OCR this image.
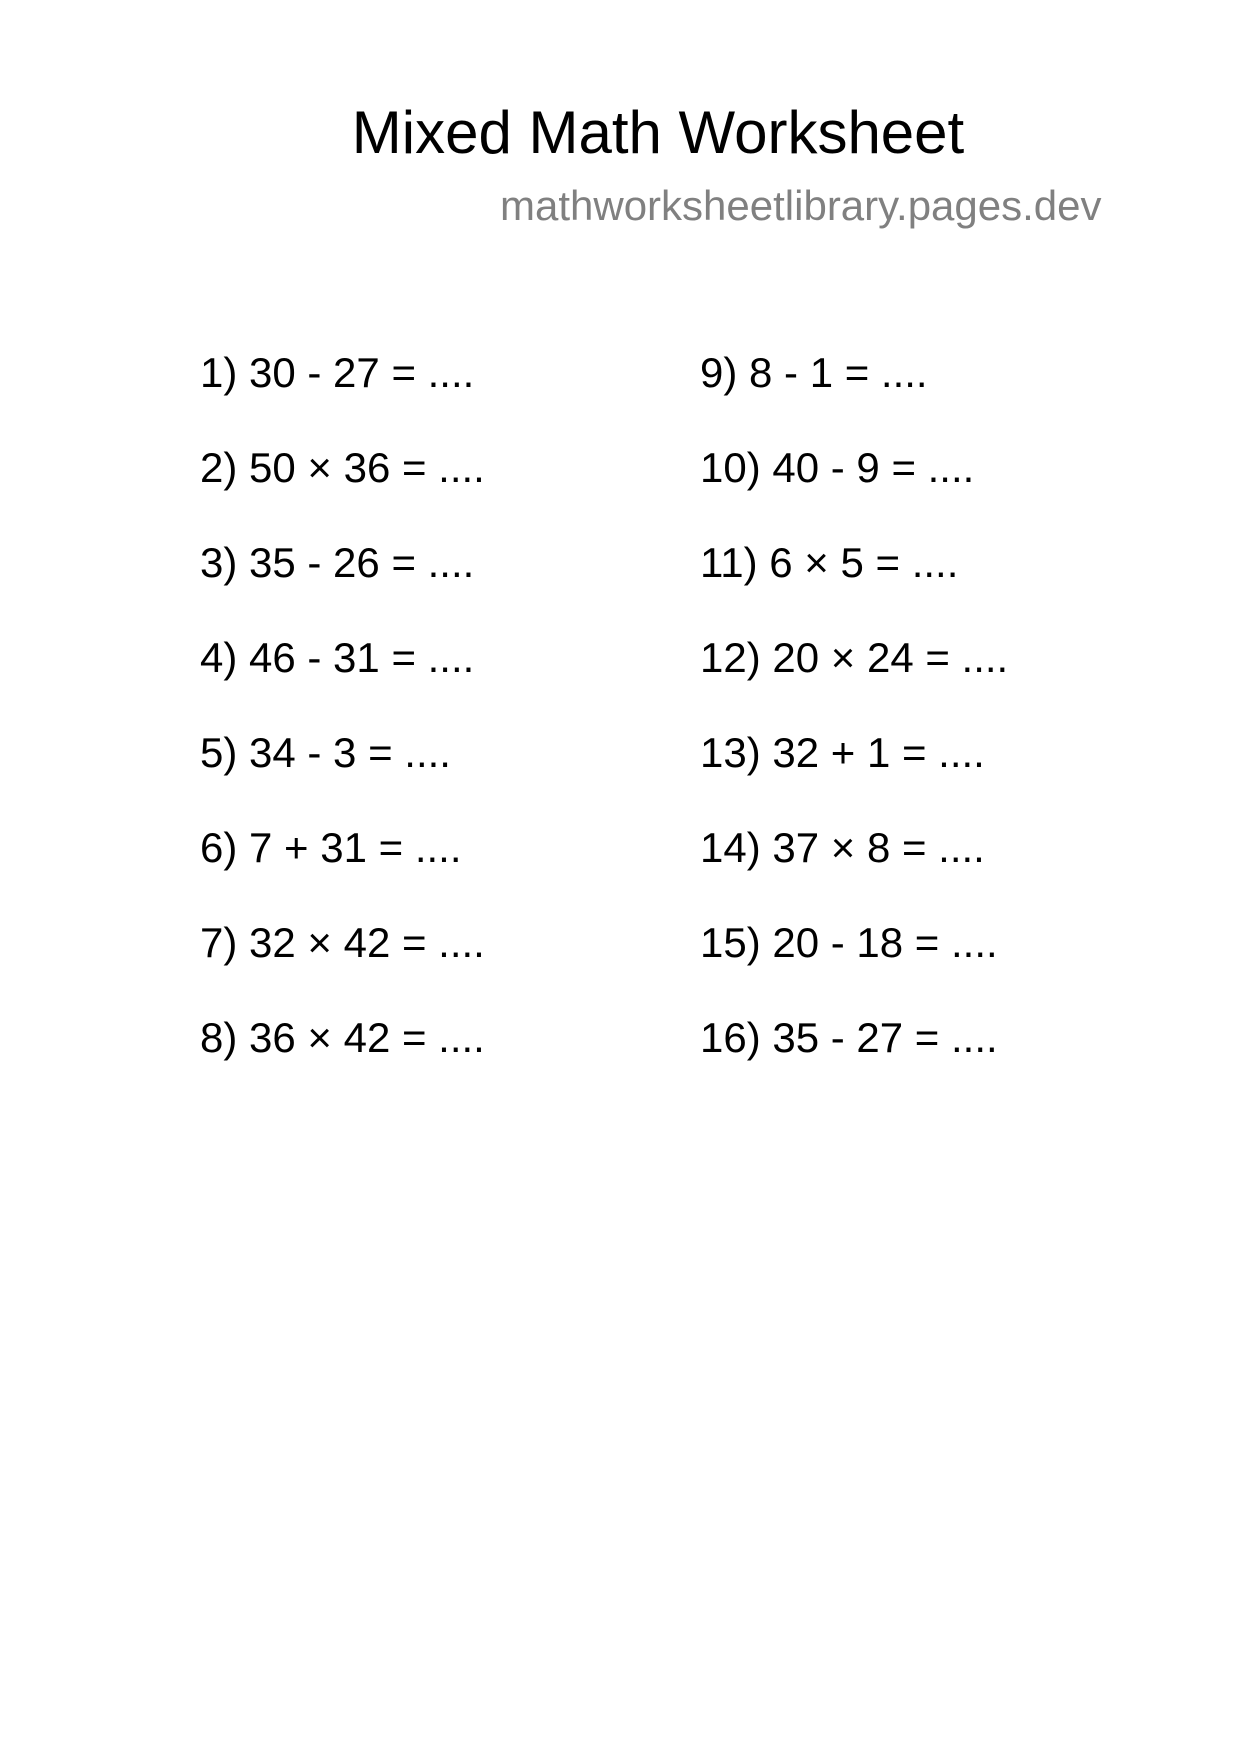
Mixed Math Worksheet
mathworksheetlibrary.pages.dev
1) 30 - 27 = ....
2) 50 × 36 = ....
3) 35 - 26 = ....
4) 46 - 31 = ....
5) 34 - 3 = ....
6) 7 + 31 = ....
7) 32 × 42 = ....
8) 36 × 42 = ....
9) 8 - 1 = ....
10) 40 - 9 = ....
11) 6 × 5 = ....
12) 20 × 24 = ....
13) 32 + 1 = ....
14) 37 × 8 = ....
15) 20 - 18 = ....
16) 35 - 27 = ....
